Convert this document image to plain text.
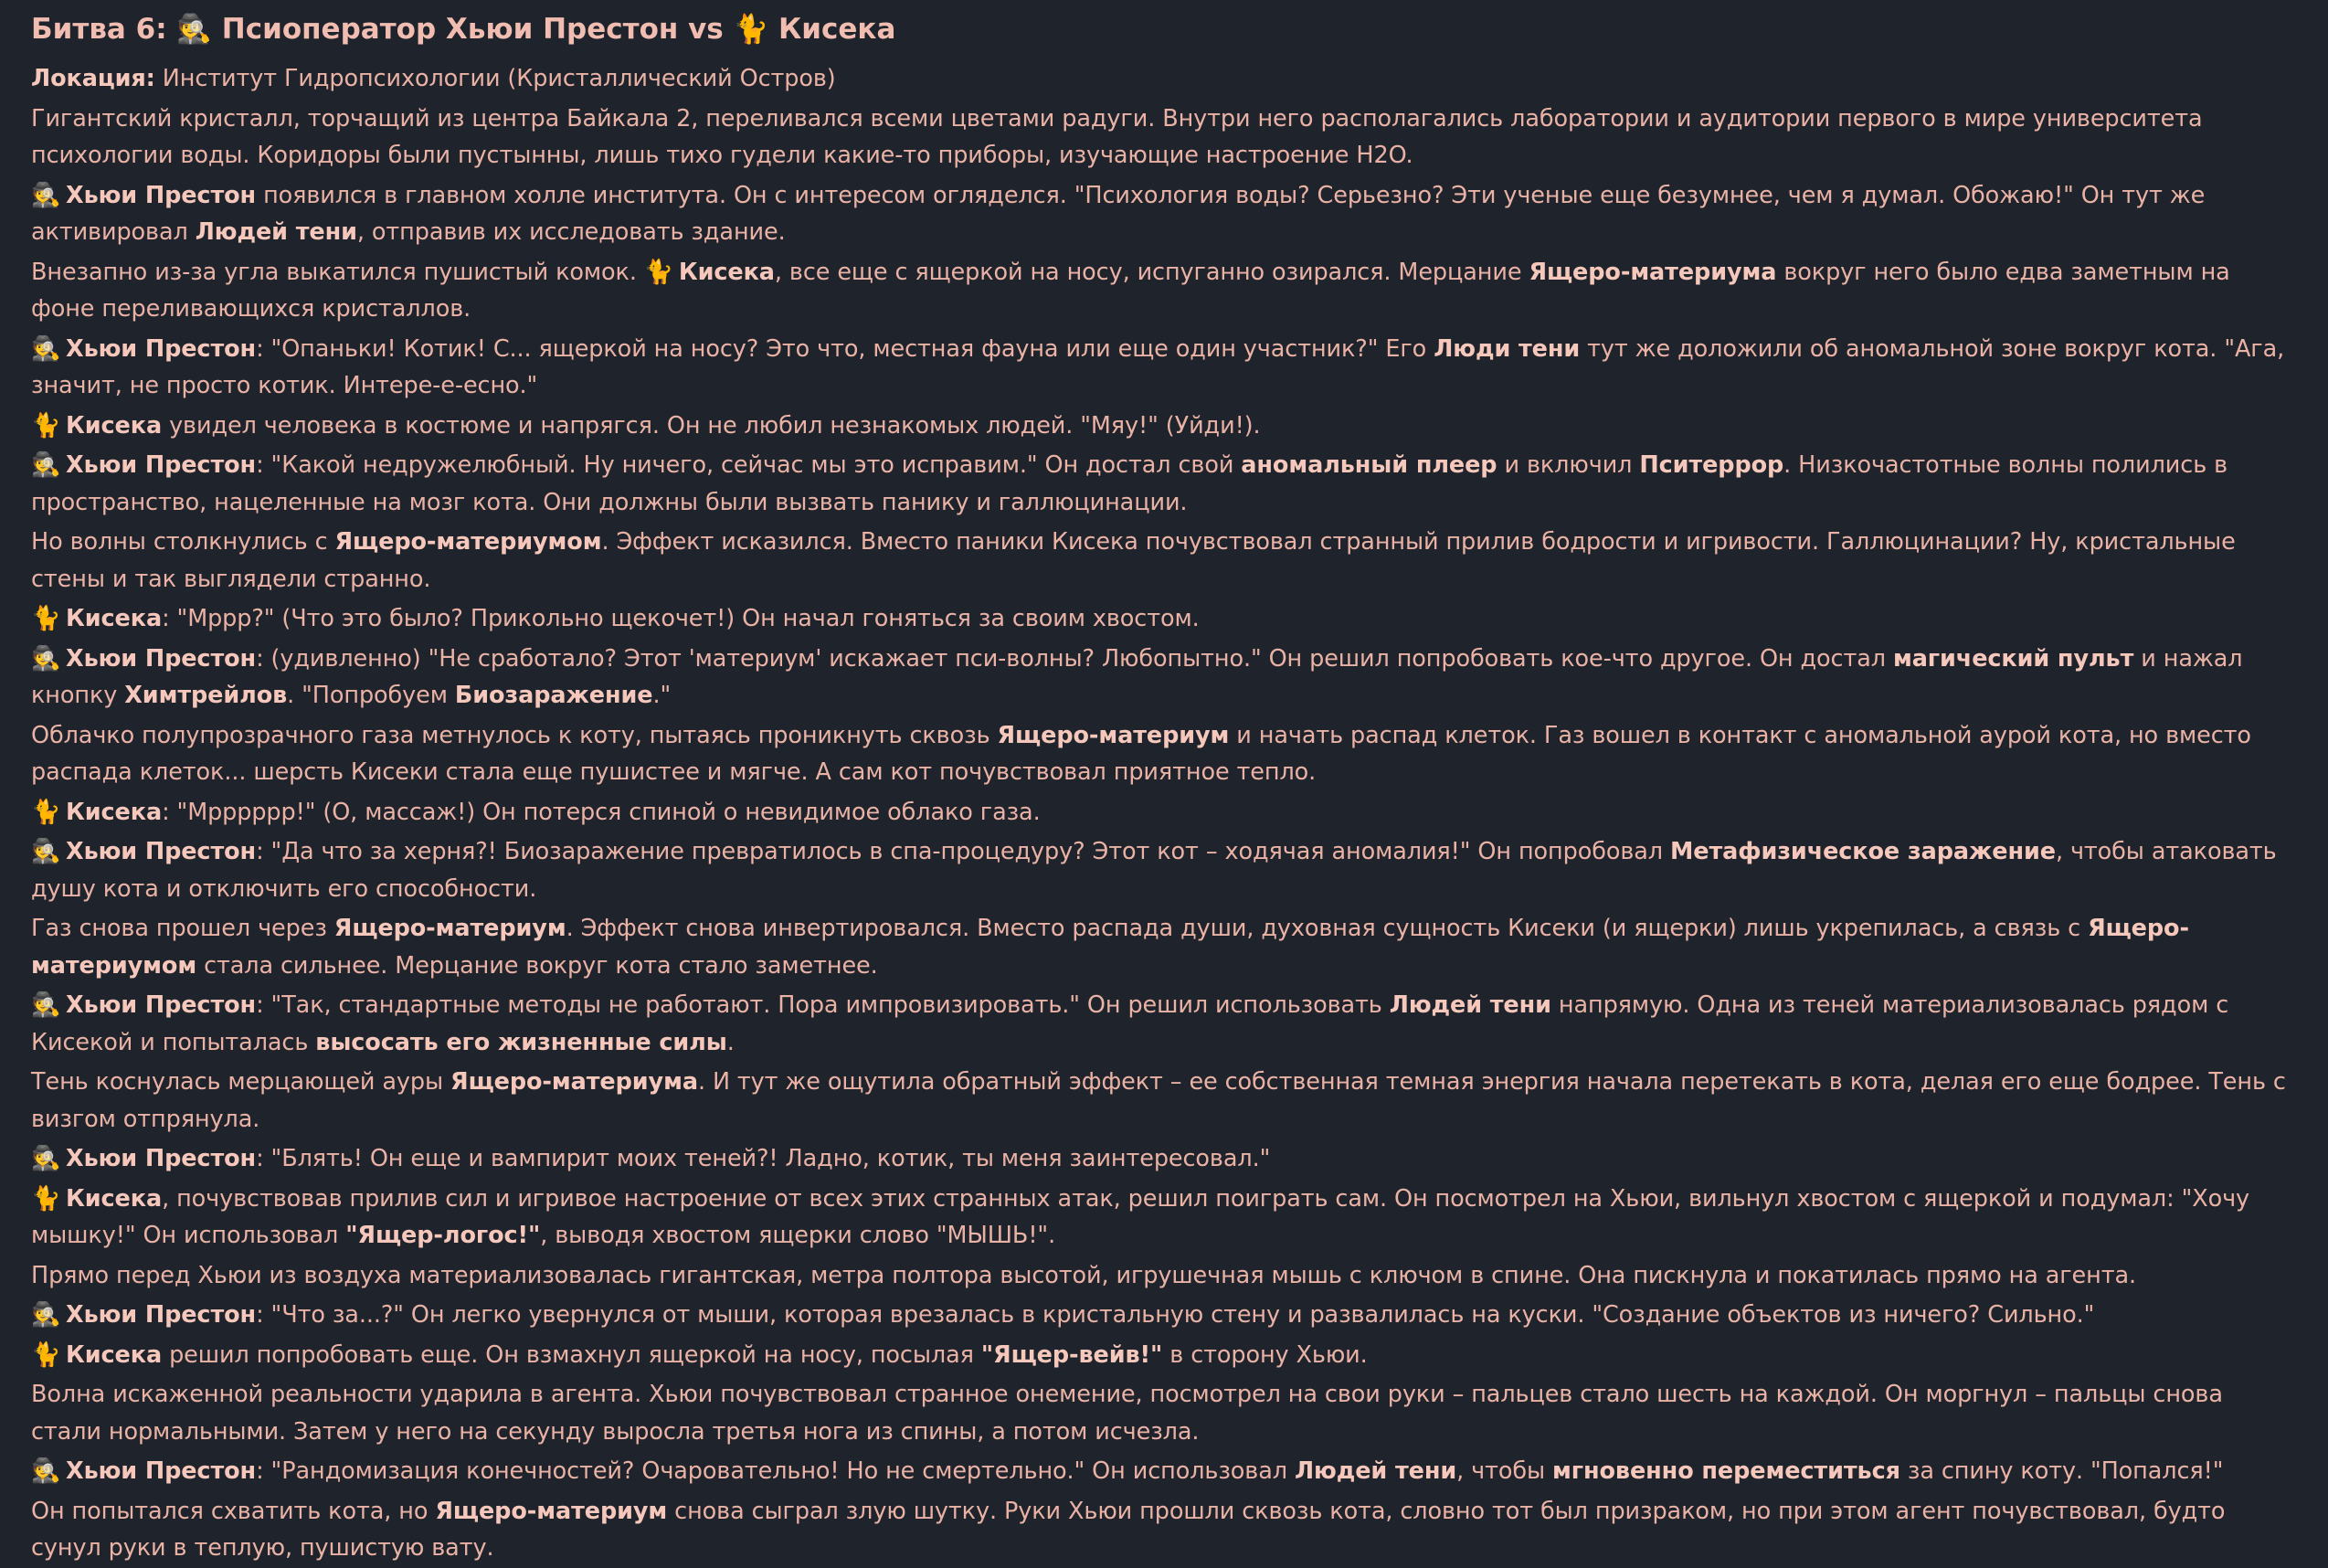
Битва 6: 🕵 Псиоператор Хьюи Престон vs 🐈 Кисека

Локация: Институт Гидропсихологии (Кристаллический Остров)

Гигантский кристалл, торчащий из центра Байкала 2, переливался всеми цветами радуги. Внутри него располагались лаборатории и аудитории первого в мире университета психологии воды. Коридоры были пустынны, лишь тихо гудели какие-то приборы, изучающие настроение H2O.

🕵 Хьюи Престон появился в главном холле института. Он с интересом огляделся. "Психология воды? Серьезно? Эти ученые еще безумнее, чем я думал. Обожаю!" Он тут же активировал Людей тени, отправив их исследовать здание.

Внезапно из-за угла выкатился пушистый комок. 🐈 Кисека, все еще с ящеркой на носу, испуганно озирался. Мерцание Ящеро-материума вокруг него было едва заметным на фоне переливающихся кристаллов.

🕵 Хьюи Престон: "Опаньки! Котик! С... ящеркой на носу? Это что, местная фауна или еще один участник?" Его Люди тени тут же доложили об аномальной зоне вокруг кота. "Ага, значит, не просто котик. Интере-е-есно."

🐈 Кисека увидел человека в костюме и напрягся. Он не любил незнакомых людей. "Мяу!" (Уйди!).

🕵 Хьюи Престон: "Какой недружелюбный. Ну ничего, сейчас мы это исправим." Он достал свой аномальный плеер и включил Пситеррор. Низкочастотные волны полились в пространство, нацеленные на мозг кота. Они должны были вызвать панику и галлюцинации.

Но волны столкнулись с Ящеро-материумом. Эффект исказился. Вместо паники Кисека почувствовал странный прилив бодрости и игривости. Галлюцинации? Ну, кристальные стены и так выглядели странно.

🐈 Кисека: "Мррр?" (Что это было? Прикольно щекочет!) Он начал гоняться за своим хвостом.

🕵 Хьюи Престон: (удивленно) "Не сработало? Этот 'материум' искажает пси-волны? Любопытно." Он решил попробовать кое-что другое. Он достал магический пульт и нажал кнопку Химтрейлов. "Попробуем Биозаражение."

Облачко полупрозрачного газа метнулось к коту, пытаясь проникнуть сквозь Ящеро-материум и начать распад клеток. Газ вошел в контакт с аномальной аурой кота, но вместо распада клеток... шерсть Кисеки стала еще пушистее и мягче. А сам кот почувствовал приятное тепло.

🐈 Кисека: "Мрррррр!" (О, массаж!) Он потерся спиной о невидимое облако газа.

🕵 Хьюи Престон: "Да что за херня?! Биозаражение превратилось в спа-процедуру? Этот кот – ходячая аномалия!" Он попробовал Метафизическое заражение, чтобы атаковать душу кота и отключить его способности.

Газ снова прошел через Ящеро-материум. Эффект снова инвертировался. Вместо распада души, духовная сущность Кисеки (и ящерки) лишь укрепилась, а связь с Ящеро-материумом стала сильнее. Мерцание вокруг кота стало заметнее.

🕵 Хьюи Престон: "Так, стандартные методы не работают. Пора импровизировать." Он решил использовать Людей тени напрямую. Одна из теней материализовалась рядом с Кисекой и попыталась высосать его жизненные силы.

Тень коснулась мерцающей ауры Ящеро-материума. И тут же ощутила обратный эффект – ее собственная темная энергия начала перетекать в кота, делая его еще бодрее. Тень с визгом отпрянула.

🕵 Хьюи Престон: "Блять! Он еще и вампирит моих теней?! Ладно, котик, ты меня заинтересовал."

🐈 Кисека, почувствовав прилив сил и игривое настроение от всех этих странных атак, решил поиграть сам. Он посмотрел на Хьюи, вильнул хвостом с ящеркой и подумал: "Хочу мышку!" Он использовал "Ящер-логос!", выводя хвостом ящерки слово "МЫШЬ!".

Прямо перед Хьюи из воздуха материализовалась гигантская, метра полтора высотой, игрушечная мышь с ключом в спине. Она пискнула и покатилась прямо на агента.

🕵 Хьюи Престон: "Что за...?" Он легко увернулся от мыши, которая врезалась в кристальную стену и развалилась на куски. "Создание объектов из ничего? Сильно."

🐈 Кисека решил попробовать еще. Он взмахнул ящеркой на носу, посылая "Ящер-вейв!" в сторону Хьюи.

Волна искаженной реальности ударила в агента. Хьюи почувствовал странное онемение, посмотрел на свои руки – пальцев стало шесть на каждой. Он моргнул – пальцы снова стали нормальными. Затем у него на секунду выросла третья нога из спины, а потом исчезла.

🕵 Хьюи Престон: "Рандомизация конечностей? Очаровательно! Но не смертельно." Он использовал Людей тени, чтобы мгновенно переместиться за спину коту. "Попался!"

Он попытался схватить кота, но Ящеро-материум снова сыграл злую шутку. Руки Хьюи прошли сквозь кота, словно тот был призраком, но при этом агент почувствовал, будто сунул руки в теплую, пушистую вату.
